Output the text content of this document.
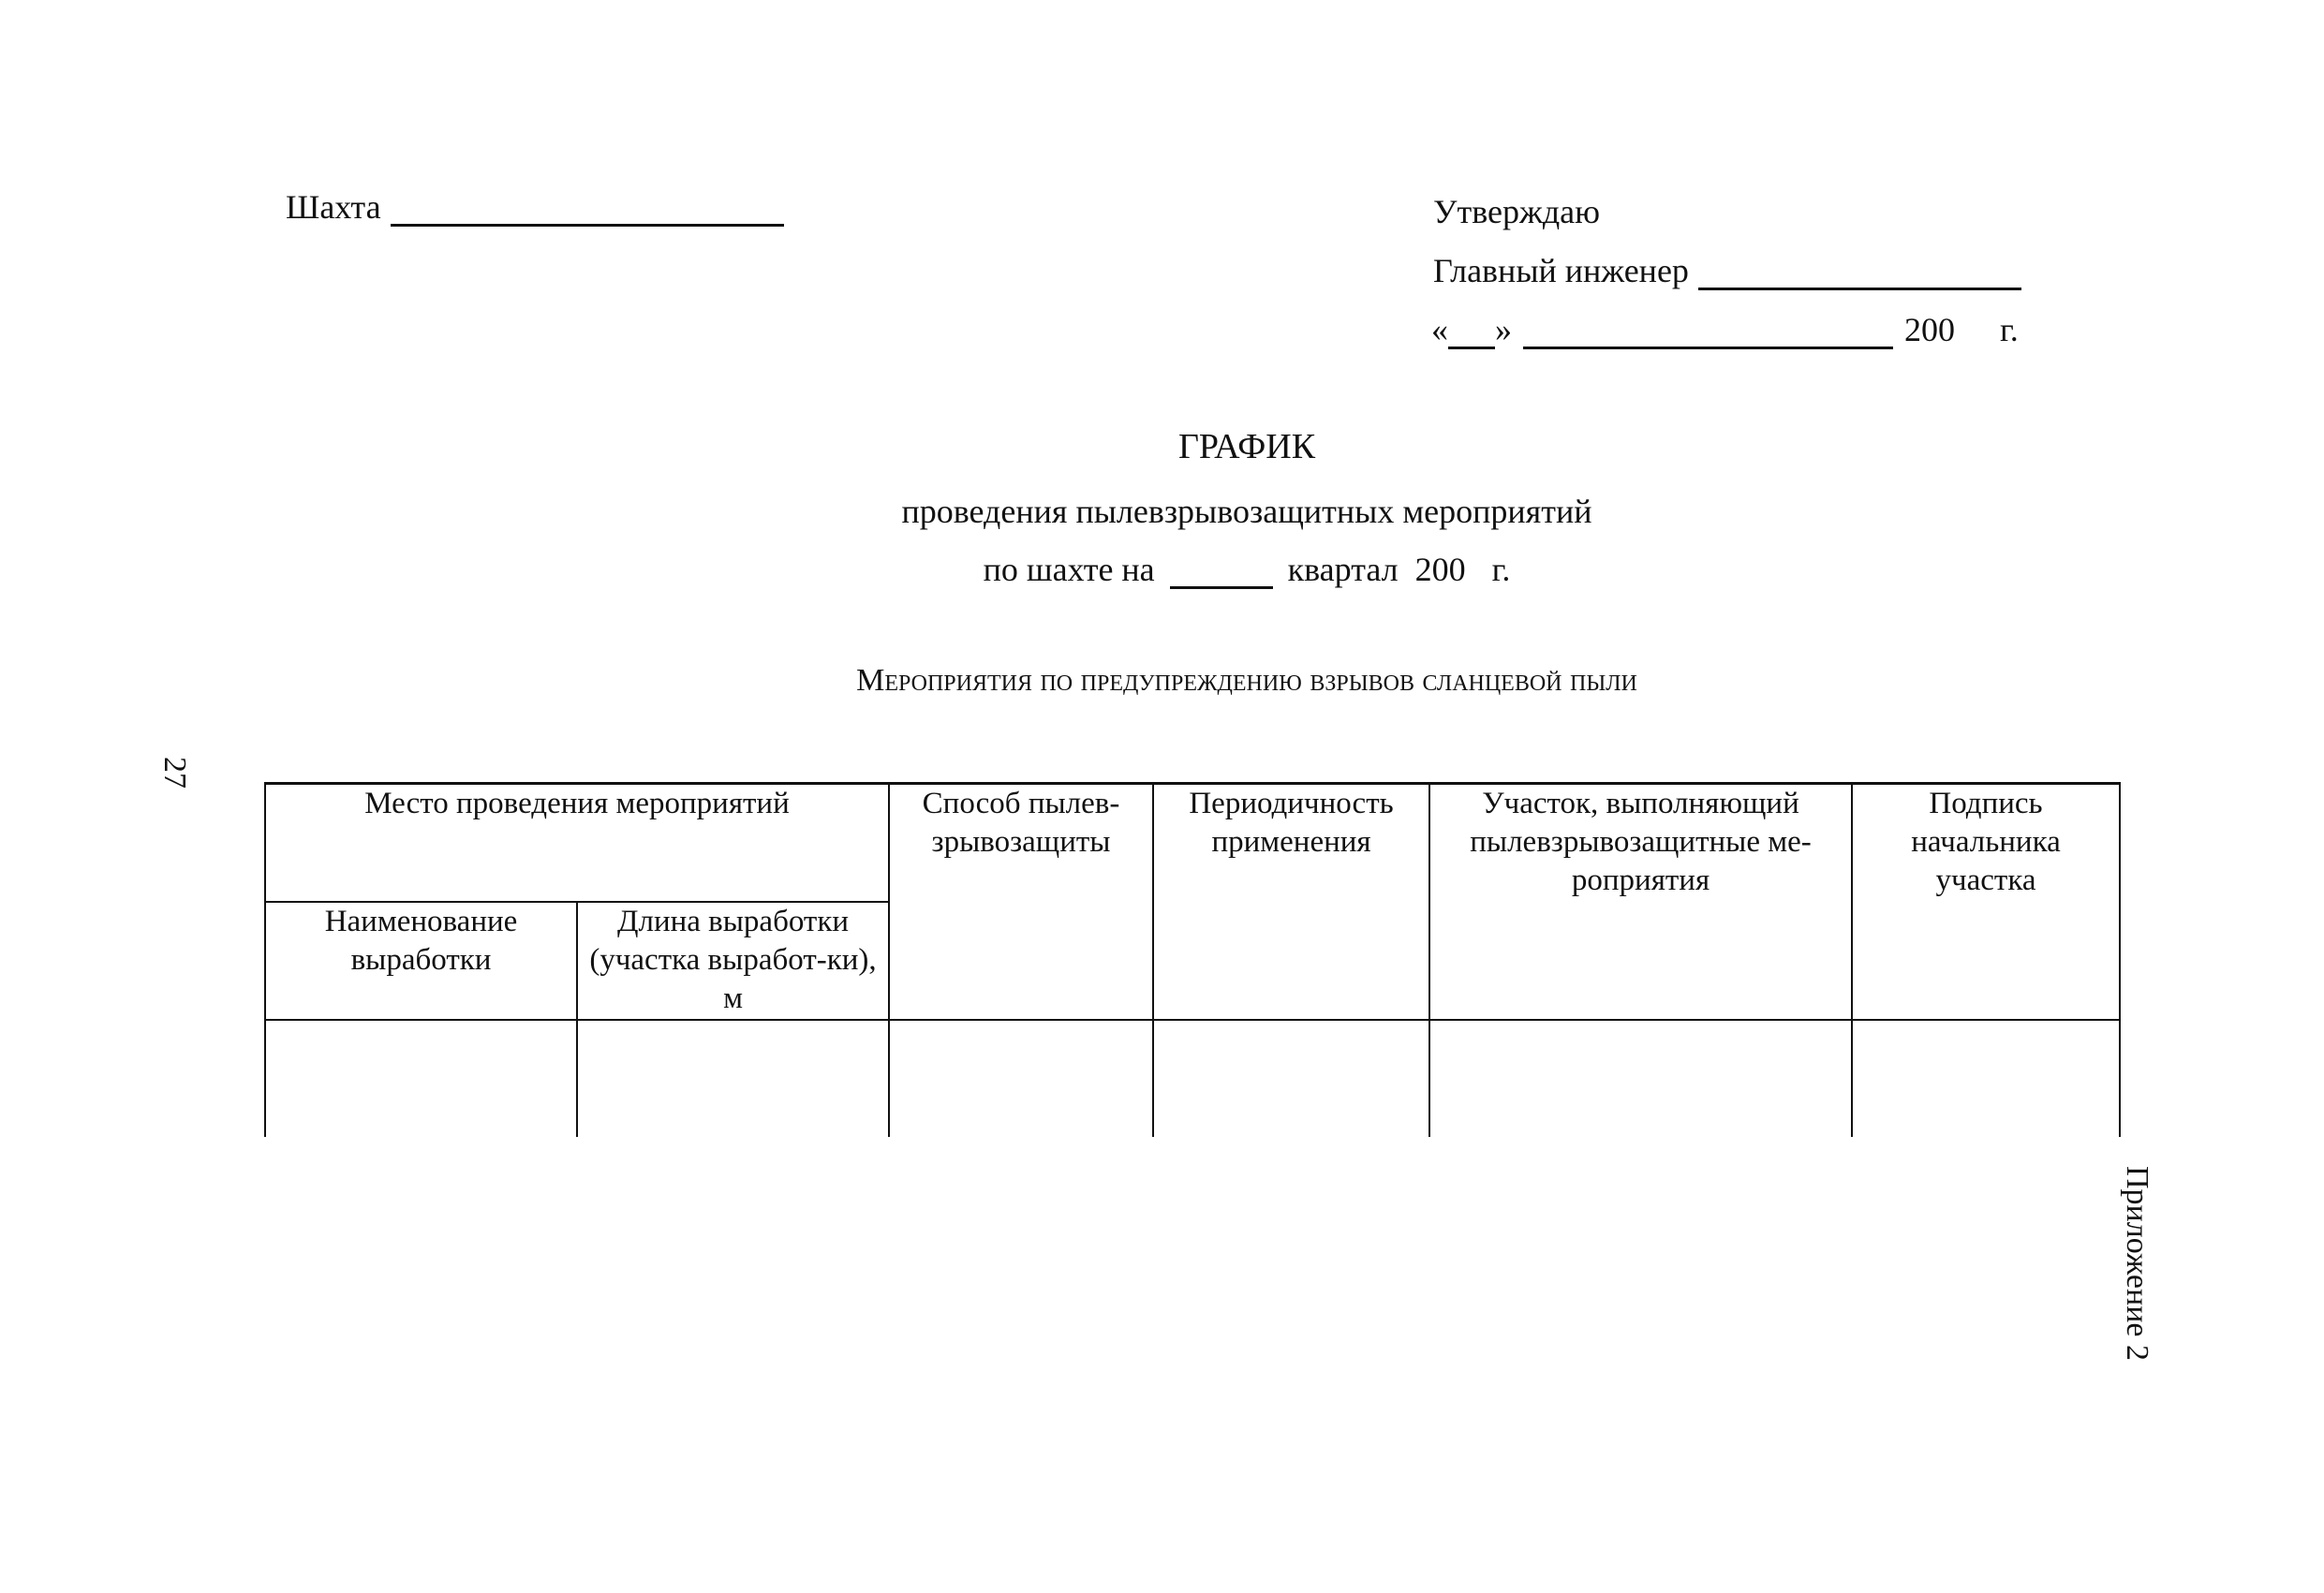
Шахта	Утверждаю
Главный инженер
« »	200 г.
ГРАФИК
проведения пылевзрывозащитных мероприятий
по шахте на	квартал 200 г.
Мероприятия по предупреждению взрывов сланцевой пыли
27
Приложение 2
Место проведения мероприятий		Способ пылев-зрывозащиты	Периодичность применения	Участок, выполняющий пылевзрывозащитные ме-роприятия	Подпись начальника участка
Наименование выработки	Длина выработки (участка выработ-ки), м				
